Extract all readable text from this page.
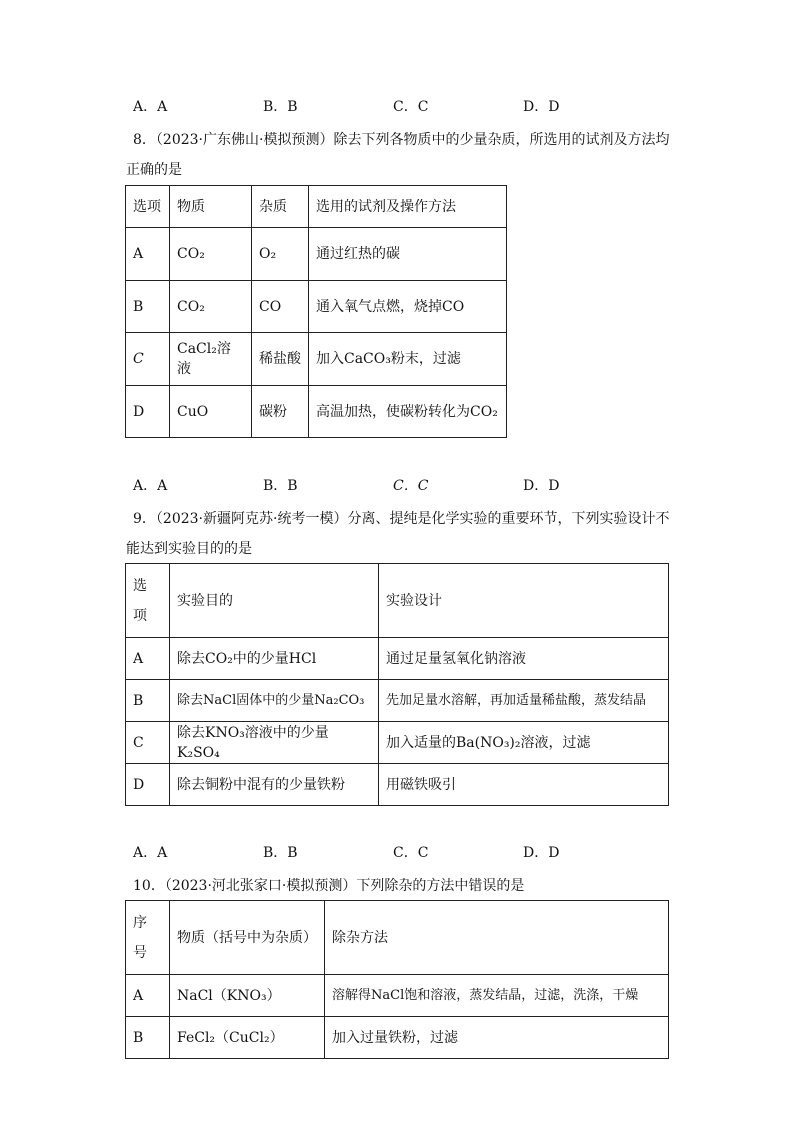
A．A	B．B	C．C	D．D
8．（2023·广东佛山·模拟预测）除去下列各物质中的少量杂质，所选用的试剂及方法均
正确的是
选项	物质	杂质	选用的试剂及操作方法
A	CO₂	O₂	通过红热的碳
B	CO₂	CO	通入氧气点燃，烧掉CO
C	CaCl₂溶液	稀盐酸	加入CaCO₃粉末，过滤
D	CuO	碳粉	高温加热，使碳粉转化为CO₂
A．A	B．B	C．C	D．D
9．（2023·新疆阿克苏·统考一模）分离、提纯是化学实验的重要环节，下列实验设计不
能达到实验目的的是
选
项	实验目的	实验设计
A	除去CO₂中的少量HCl	通过足量氢氧化钠溶液
B	除去NaCl固体中的少量Na₂CO₃	先加足量水溶解，再加适量稀盐酸，蒸发结晶
C	除去KNO₃溶液中的少量K₂SO₄	加入适量的Ba(NO₃)₂溶液，过滤
D	除去铜粉中混有的少量铁粉	用磁铁吸引
A．A	B．B	C．C	D．D
10．（2023·河北张家口·模拟预测）下列除杂的方法中错误的是
序
号	物质（括号中为杂质）	除杂方法
A	NaCl（KNO₃）	溶解得NaCl饱和溶液，蒸发结晶，过滤，洗涤，干燥
B	FeCl₂（CuCl₂）	加入过量铁粉，过滤
